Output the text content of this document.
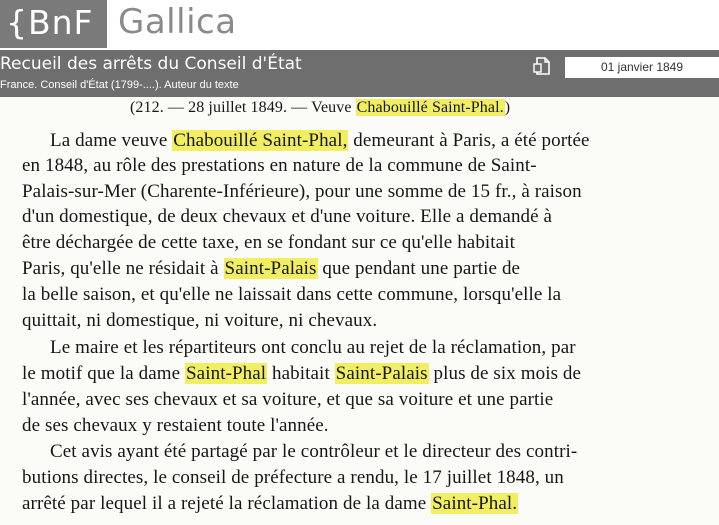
{BnF Gallica
Recueil des arrêts du Conseil d'État
France. Conseil d'État (1799-....). Auteur du texte
01 janvier 1849
(212. — 28 juillet 1849. — Veuve Chabouillé Saint-Phal.)
La dame veuve Chabouillé Saint-Phal, demeurant à Paris, a été portée
en 1848, au rôle des prestations en nature de la commune de Saint-
Palais-sur-Mer (Charente-Inférieure), pour une somme de 15 fr., à raison
d'un domestique, de deux chevaux et d'une voiture. Elle a demandé à
être déchargée de cette taxe, en se fondant sur ce qu'elle habitait
Paris, qu'elle ne résidait à Saint-Palais que pendant une partie de
la belle saison, et qu'elle ne laissait dans cette commune, lorsqu'elle la
quittait, ni domestique, ni voiture, ni chevaux.
Le maire et les répartiteurs ont conclu au rejet de la réclamation, par
le motif que la dame Saint-Phal habitait Saint-Palais plus de six mois de
l'année, avec ses chevaux et sa voiture, et que sa voiture et une partie
de ses chevaux y restaient toute l'année.
Cet avis ayant été partagé par le contrôleur et le directeur des contri-
butions directes, le conseil de préfecture a rendu, le 17 juillet 1848, un
arrêté par lequel il a rejeté la réclamation de la dame Saint-Phal.
